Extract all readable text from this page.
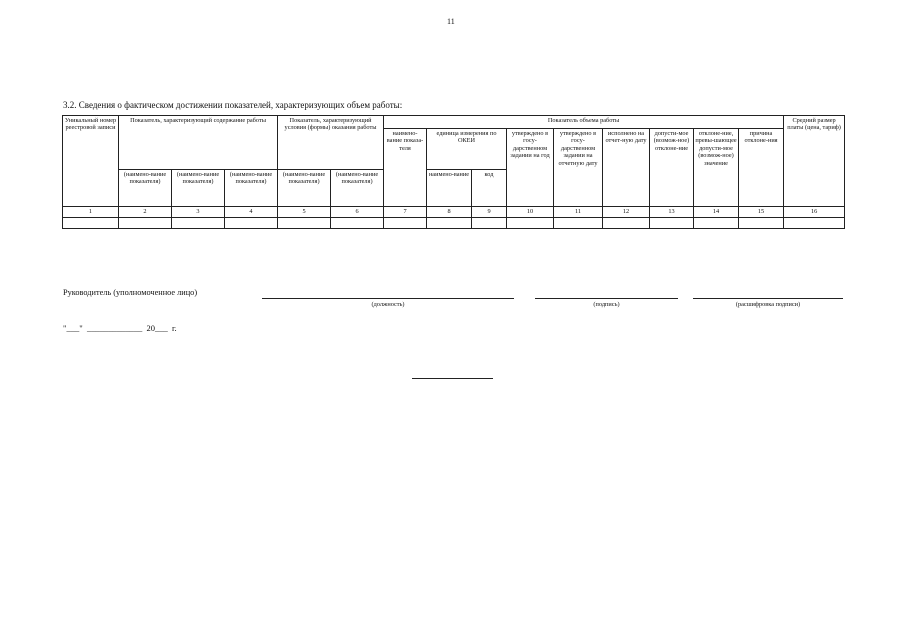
11
3.2. Сведения о фактическом достижении показателей, характеризующих объем работы:
Уникальный номер реестровой записи	Показатель, характеризующий содержание работы			Показатель, характеризующий условия (формы) оказания работы		Показатель объема работы									Средний размер платы (цена, тариф)
						наимено-вание показа-теля	единица измерения по ОКЕИ		утверждено в госу-дарственном задании на год	утверждено в госу-дарственном задании на отчетную дату	исполнено на отчет-ную дату	допусти-мое (возмож-ное) отклоне-ние	отклоне-ние, превы-шающее допусти-мое (возмож-ное) значение	причина отклоне-ния	
							наимено-вание	код							
	(наимено-вание показателя)	(наимено-вание показателя)	(наимено-вание показателя)	(наимено-вание показателя)	(наимено-вание показателя)										
1	2	3	4	5	6	7	8	9	10	11	12	13	14	15	16

Руководитель (уполномоченное лицо)
(должность)	(подпись)	(расшифровка подписи)
"___"  _____________  20___  г.
